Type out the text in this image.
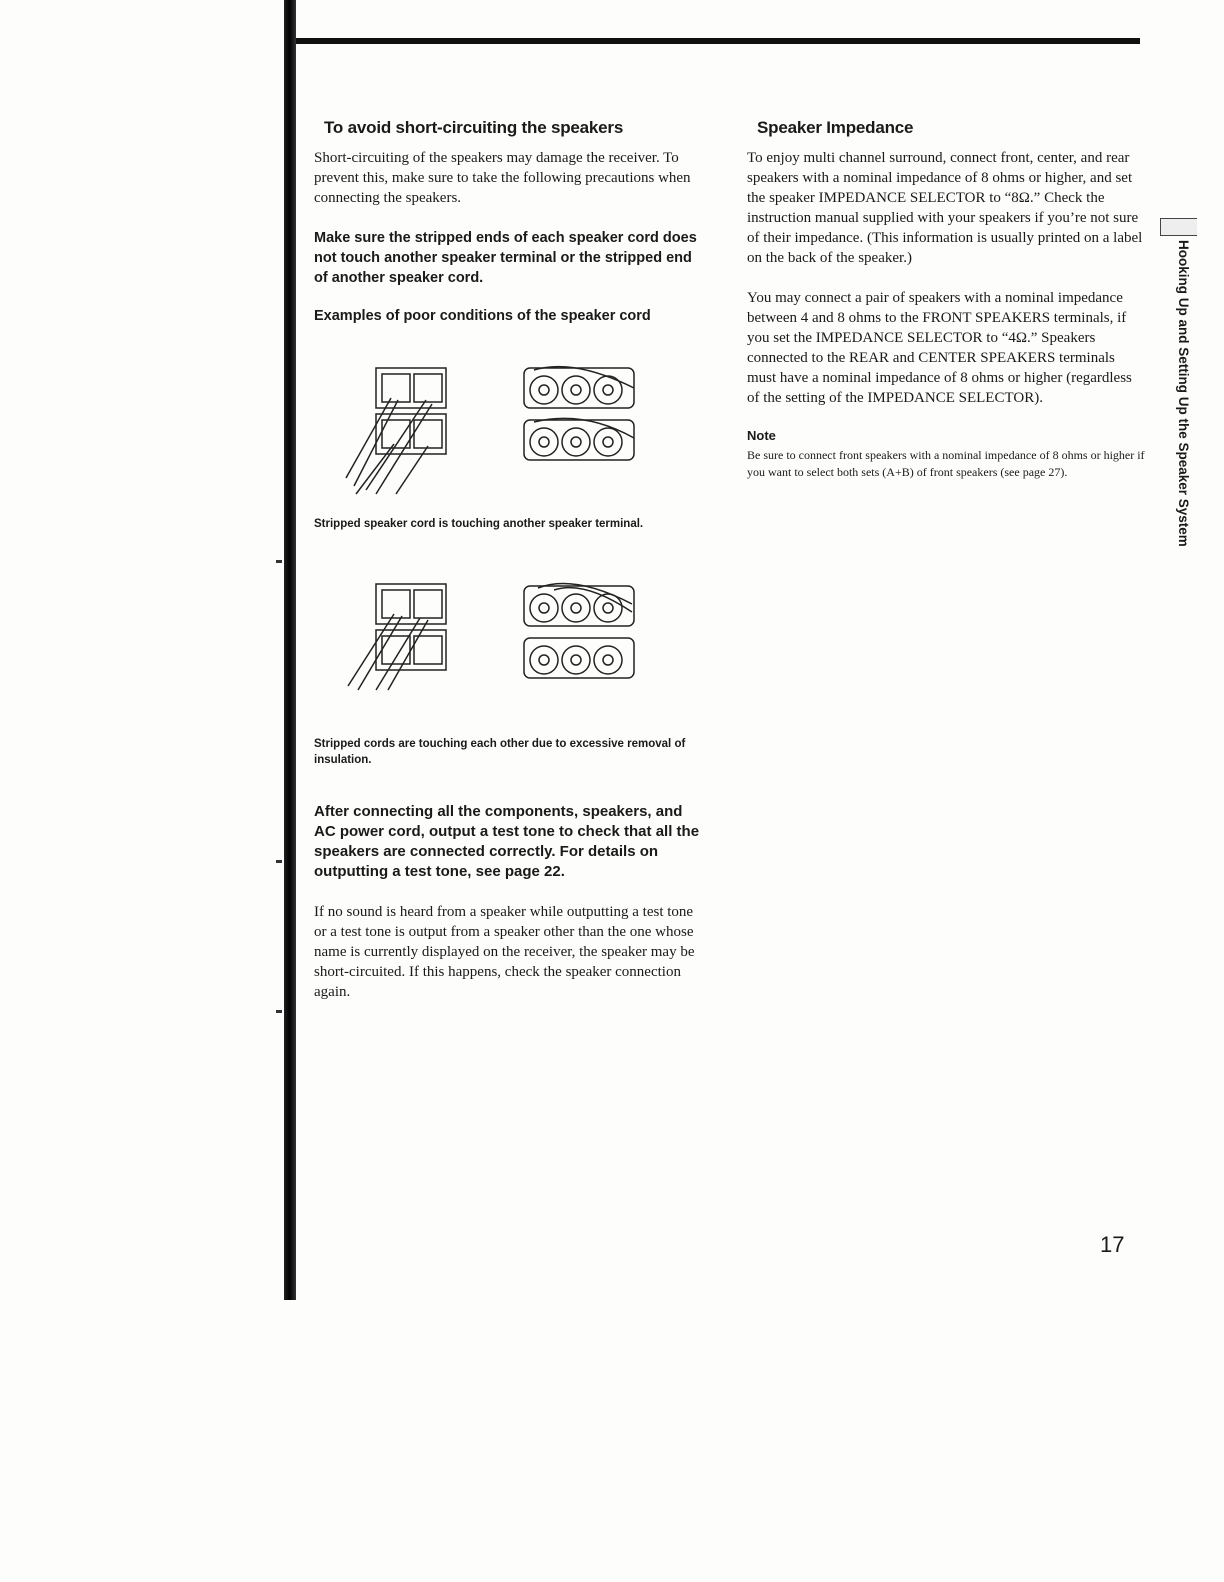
To avoid short-circuiting the speakers

Short-circuiting of the speakers may damage the receiver. To prevent this, make sure to take the following precautions when connecting the speakers.

Make sure the stripped ends of each speaker cord does not touch another speaker terminal or the stripped end of another speaker cord.

Examples of poor conditions of the speaker cord

Stripped speaker cord is touching another speaker terminal.

Stripped cords are touching each other due to excessive removal of insulation.

After connecting all the components, speakers, and AC power cord, output a test tone to check that all the speakers are connected correctly. For details on outputting a test tone, see page 22.

If no sound is heard from a speaker while outputting a test tone or a test tone is output from a speaker other than the one whose name is currently displayed on the receiver, the speaker may be short-circuited. If this happens, check the speaker connection again.

Speaker Impedance

To enjoy multi channel surround, connect front, center, and rear speakers with a nominal impedance of 8 ohms or higher, and set the speaker IMPEDANCE SELECTOR to “8Ω.” Check the instruction manual supplied with your speakers if you’re not sure of their impedance. (This information is usually printed on a label on the back of the speaker.)

You may connect a pair of speakers with a nominal impedance between 4 and 8 ohms to the FRONT SPEAKERS terminals, if you set the IMPEDANCE SELECTOR to “4Ω.” Speakers connected to the REAR and CENTER SPEAKERS terminals must have a nominal impedance of 8 ohms or higher (regardless of the setting of the IMPEDANCE SELECTOR).

Note

Be sure to connect front speakers with a nominal impedance of 8 ohms or higher if you want to select both sets (A+B) of front speakers (see page 27).	Hooking Up and Setting Up the Speaker System
17
